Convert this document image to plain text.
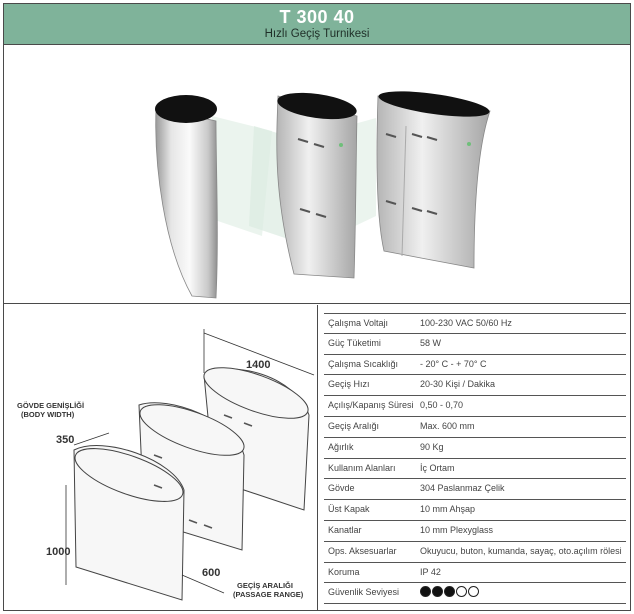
T 300 40
Hızlı Geçiş Turnikesi
1400
GÖVDE GENİŞLİĞİ
(BODY WIDTH)
350
1000
600
GEÇİŞ ARALIĞI
(PASSAGE RANGE)
Çalışma Voltajı	100-230 VAC 50/60 Hz
Güç Tüketimi	58 W
Çalışma Sıcaklığı - 20° C - + 70° C
Geçiş Hızı	20-30 Kişi / Dakika
Açılış/Kapanış Süresi 0,50 - 0,70
Geçiş Aralığı	Max. 600 mm
Ağırlık	90 Kg
Kullanım Alanları	İç Ortam
Gövde	304 Paslanmaz Çelik
Üst Kapak	10 mm Ahşap
Kanatlar	10 mm Plexyglass
Ops. Aksesuarlar	Okuyucu, buton, kumanda, sayaç, oto.açılım rölesi
Koruma	IP 42
Güvenlik Seviyesi
